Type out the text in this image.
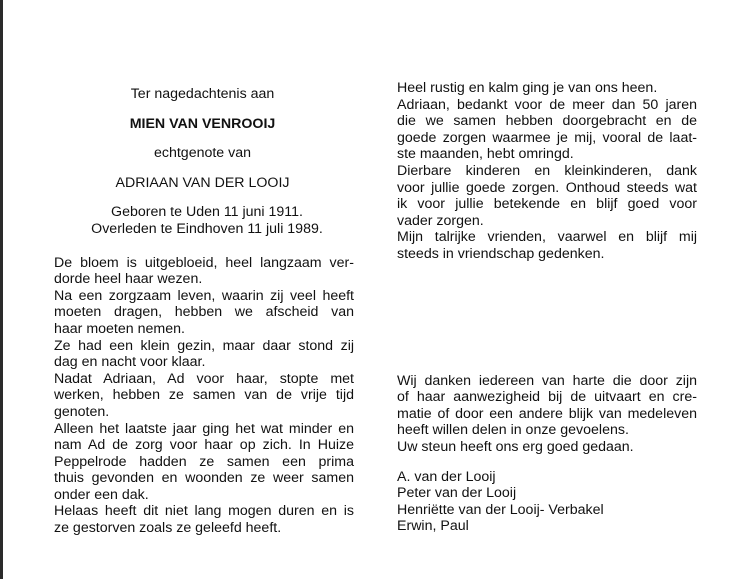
Ter nagedachtenis aan
MIEN VAN VENROOIJ
echtgenote van
ADRIAAN VAN DER LOOIJ
Geboren te Uden 11 juni 1911.
Overleden te Eindhoven 11 juli 1989.
De bloem is uitgebloeid, heel langzaam ver-
dorde heel haar wezen.
Na een zorgzaam leven, waarin zij veel heeft
moeten dragen, hebben we afscheid van
haar moeten nemen.
Ze had een klein gezin, maar daar stond zij
dag en nacht voor klaar.
Nadat Adriaan, Ad voor haar, stopte met
werken, hebben ze samen van de vrije tijd
genoten.
Alleen het laatste jaar ging het wat minder en
nam Ad de zorg voor haar op zich. In Huize
Peppelrode hadden ze samen een prima
thuis gevonden en woonden ze weer samen
onder een dak.
Helaas heeft dit niet lang mogen duren en is
ze gestorven zoals ze geleefd heeft.
Heel rustig en kalm ging je van ons heen.
Adriaan, bedankt voor de meer dan 50 jaren
die we samen hebben doorgebracht en de
goede zorgen waarmee je mij, vooral de laat-
ste maanden, hebt omringd.
Dierbare kinderen en kleinkinderen, dank
voor jullie goede zorgen. Onthoud steeds wat
ik voor jullie betekende en blijf goed voor
vader zorgen.
Mijn talrijke vrienden, vaarwel en blijf mij
steeds in vriendschap gedenken.
Wij danken iedereen van harte die door zijn
of haar aanwezigheid bij de uitvaart en cre-
matie of door een andere blijk van medeleven
heeft willen delen in onze gevoelens.
Uw steun heeft ons erg goed gedaan.
A. van der Looij
Peter van der Looij
Henriëtte van der Looij- Verbakel
Erwin, Paul
